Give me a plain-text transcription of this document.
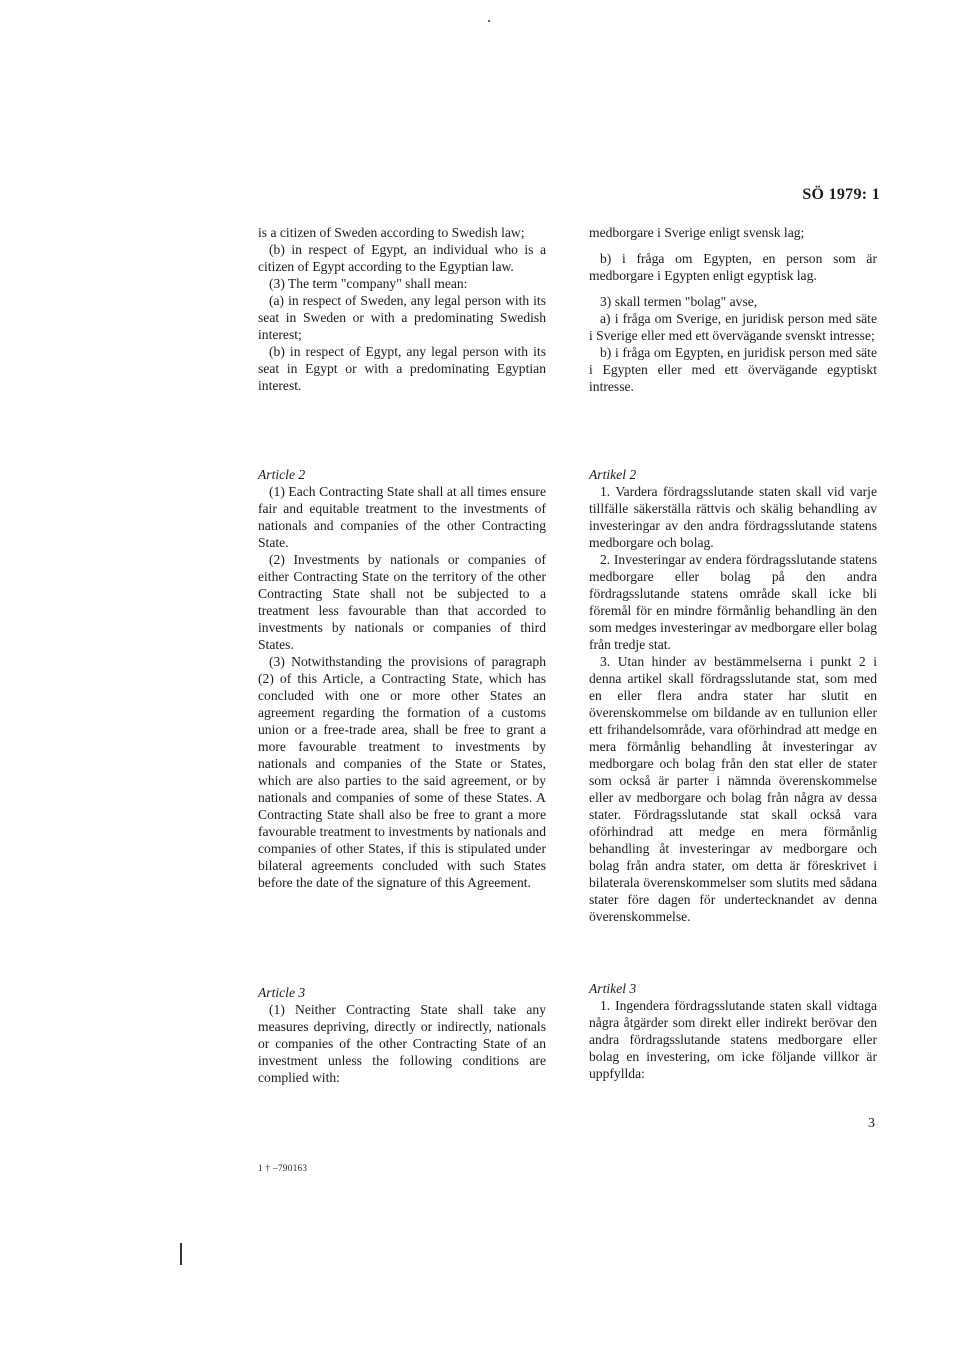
SÖ 1979: 1

is a citizen of Sweden according to Swedish law;

(b) in respect of Egypt, an individual who is a citizen of Egypt according to the Egyptian law.

(3) The term "company" shall mean:

(a) in respect of Sweden, any legal person with its seat in Sweden or with a predominating Swedish interest;

(b) in respect of Egypt, any legal person with its seat in Egypt or with a predominating Egyptian interest.

medborgare i Sverige enligt svensk lag;

b) i fråga om Egypten, en person som är medborgare i Egypten enligt egyptisk lag.

3) skall termen "bolag" avse,

a) i fråga om Sverige, en juridisk person med säte i Sverige eller med ett övervägande svenskt intresse;

b) i fråga om Egypten, en juridisk person med säte i Egypten eller med ett övervägande egyptiskt intresse.

Article 2

(1) Each Contracting State shall at all times ensure fair and equitable treatment to the investments of nationals and companies of the other Contracting State.

(2) Investments by nationals or companies of either Contracting State on the territory of the other Contracting State shall not be subjected to a treatment less favourable than that accorded to investments by nationals or companies of third States.

(3) Notwithstanding the provisions of paragraph (2) of this Article, a Contracting State, which has concluded with one or more other States an agreement regarding the formation of a customs union or a free-trade area, shall be free to grant a more favourable treatment to investments by nationals and companies of the State or States, which are also parties to the said agreement, or by nationals and companies of some of these States. A Contracting State shall also be free to grant a more favourable treatment to investments by nationals and companies of other States, if this is stipulated under bilateral agreements concluded with such States before the date of the signature of this Agreement.

Artikel 2

1. Vardera fördragsslutande staten skall vid varje tillfälle säkerställa rättvis och skälig behandling av investeringar av den andra fördragsslutande statens medborgare och bolag.

2. Investeringar av endera fördragsslutande statens medborgare eller bolag på den andra fördragsslutande statens område skall icke bli föremål för en mindre förmånlig behandling än den som medges investeringar av medborgare eller bolag från tredje stat.

3. Utan hinder av bestämmelserna i punkt 2 i denna artikel skall fördragsslutande stat, som med en eller flera andra stater har slutit en överenskommelse om bildande av en tullunion eller ett frihandelsområde, vara oförhindrad att medge en mera förmånlig behandling åt investeringar av medborgare och bolag från den stat eller de stater som också är parter i nämnda överenskommelse eller av medborgare och bolag från några av dessa stater. Fördragsslutande stat skall också vara oförhindrad att medge en mera förmånlig behandling åt investeringar av medborgare och bolag från andra stater, om detta är föreskrivet i bilaterala överenskommelser som slutits med sådana stater före dagen för undertecknandet av denna överenskommelse.

Article 3

(1) Neither Contracting State shall take any measures depriving, directly or indirectly, nationals or companies of the other Contracting State of an investment unless the following conditions are complied with:

Artikel 3

1. Ingendera fördragsslutande staten skall vidtaga några åtgärder som direkt eller indirekt berövar den andra fördragsslutande statens medborgare eller bolag en investering, om icke följande villkor är uppfyllda:

3
1 † –790163
